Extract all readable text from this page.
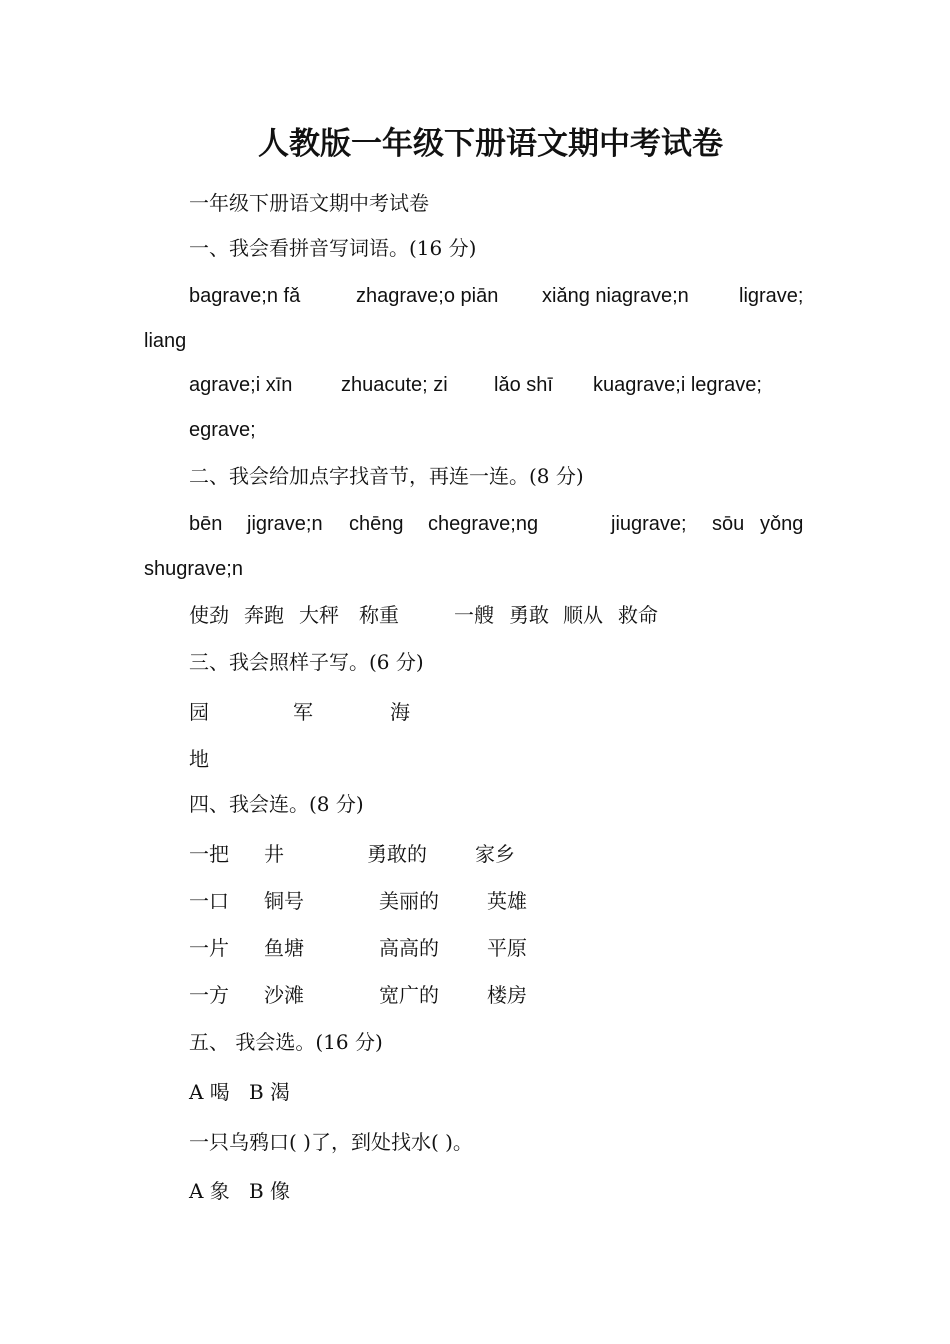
人教版一年级下册语文期中考试卷
一年级下册语文期中考试卷
一、我会看拼音写词语。(16 分)
bagrave;n fǎ	zhagrave;o piān xiǎng niagrave;n	ligrave;
liang
agrave;i xīn zhuacute; zi lǎo shī kuagrave;i legrave;
egrave;
二、我会给加点字找音节，再连一连。(8 分)
bēn jigrave;n chēng chegrave;ng	jiugrave; sōu yǒng
shugrave;n
使劲 奔跑 大秤 称重	一艘 勇敢 顺从 救命
三、我会照样子写。(6 分)
园	军	海
地
四、我会连。(8 分)
一把 井	勇敢的 家乡
一口 铜号	美丽的 英雄
一片 鱼塘	高高的 平原
一方 沙滩	宽广的 楼房
五、 我会选。(16 分)
A 喝 B 渴
一只乌鸦口( )了，到处找水( )。
A 象 B 像
